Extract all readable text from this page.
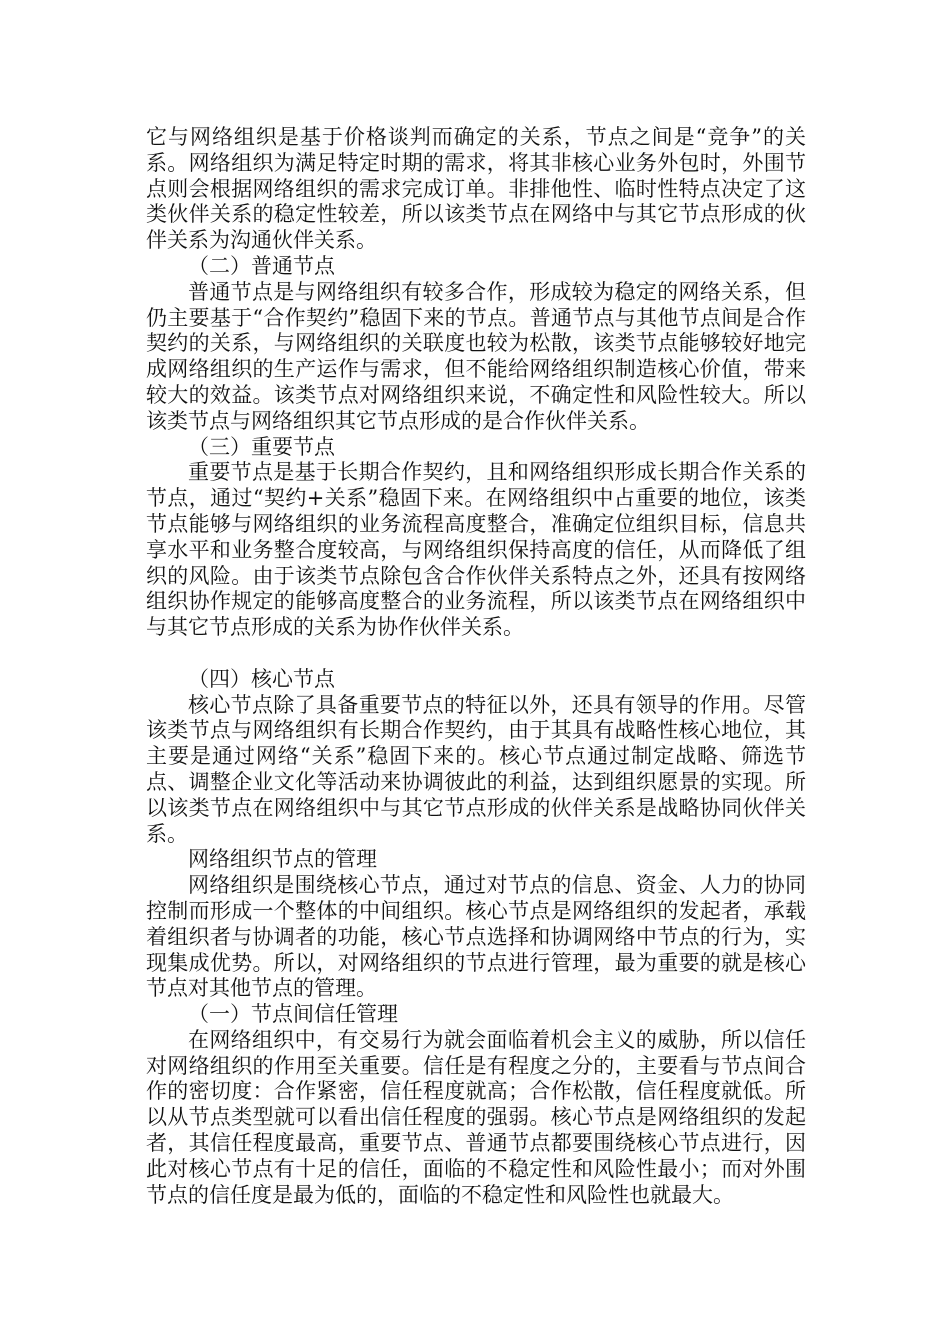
它与网络组织是基于价格谈判而确定的关系，节点之间是“竞争”的关系。网络组织为满足特定时期的需求，将其非核心业务外包时，外围节点则会根据网络组织的需求完成订单。非排他性、临时性特点决定了这类伙伴关系的稳定性较差，所以该类节点在网络中与其它节点形成的伙伴关系为沟通伙伴关系。

（二）普通节点

普通节点是与网络组织有较多合作，形成较为稳定的网络关系，但仍主要基于“合作契约”稳固下来的节点。普通节点与其他节点间是合作契约的关系，与网络组织的关联度也较为松散，该类节点能够较好地完成网络组织的生产运作与需求，但不能给网络组织制造核心价值，带来较大的效益。该类节点对网络组织来说，不确定性和风险性较大。所以该类节点与网络组织其它节点形成的是合作伙伴关系。

（三）重要节点

重要节点是基于长期合作契约，且和网络组织形成长期合作关系的节点，通过“契约+关系”稳固下来。在网络组织中占重要的地位，该类节点能够与网络组织的业务流程高度整合，准确定位组织目标，信息共享水平和业务整合度较高，与网络组织保持高度的信任，从而降低了组织的风险。由于该类节点除包含合作伙伴关系特点之外，还具有按网络组织协作规定的能够高度整合的业务流程，所以该类节点在网络组织中与其它节点形成的关系为协作伙伴关系。

（四）核心节点

核心节点除了具备重要节点的特征以外，还具有领导的作用。尽管该类节点与网络组织有长期合作契约，由于其具有战略性核心地位，其主要是通过网络“关系”稳固下来的。核心节点通过制定战略、筛选节点、调整企业文化等活动来协调彼此的利益，达到组织愿景的实现。所以该类节点在网络组织中与其它节点形成的伙伴关系是战略协同伙伴关系。

网络组织节点的管理

网络组织是围绕核心节点，通过对节点的信息、资金、人力的协同控制而形成一个整体的中间组织。核心节点是网络组织的发起者，承载着组织者与协调者的功能，核心节点选择和协调网络中节点的行为，实现集成优势。所以，对网络组织的节点进行管理，最为重要的就是核心节点对其他节点的管理。

（一）节点间信任管理

在网络组织中，有交易行为就会面临着机会主义的威胁，所以信任对网络组织的作用至关重要。信任是有程度之分的，主要看与节点间合作的密切度：合作紧密，信任程度就高；合作松散，信任程度就低。所以从节点类型就可以看出信任程度的强弱。核心节点是网络组织的发起者，其信任程度最高，重要节点、普通节点都要围绕核心节点进行，因此对核心节点有十足的信任，面临的不稳定性和风险性最小；而对外围节点的信任度是最为低的，面临的不稳定性和风险性也就最大。
